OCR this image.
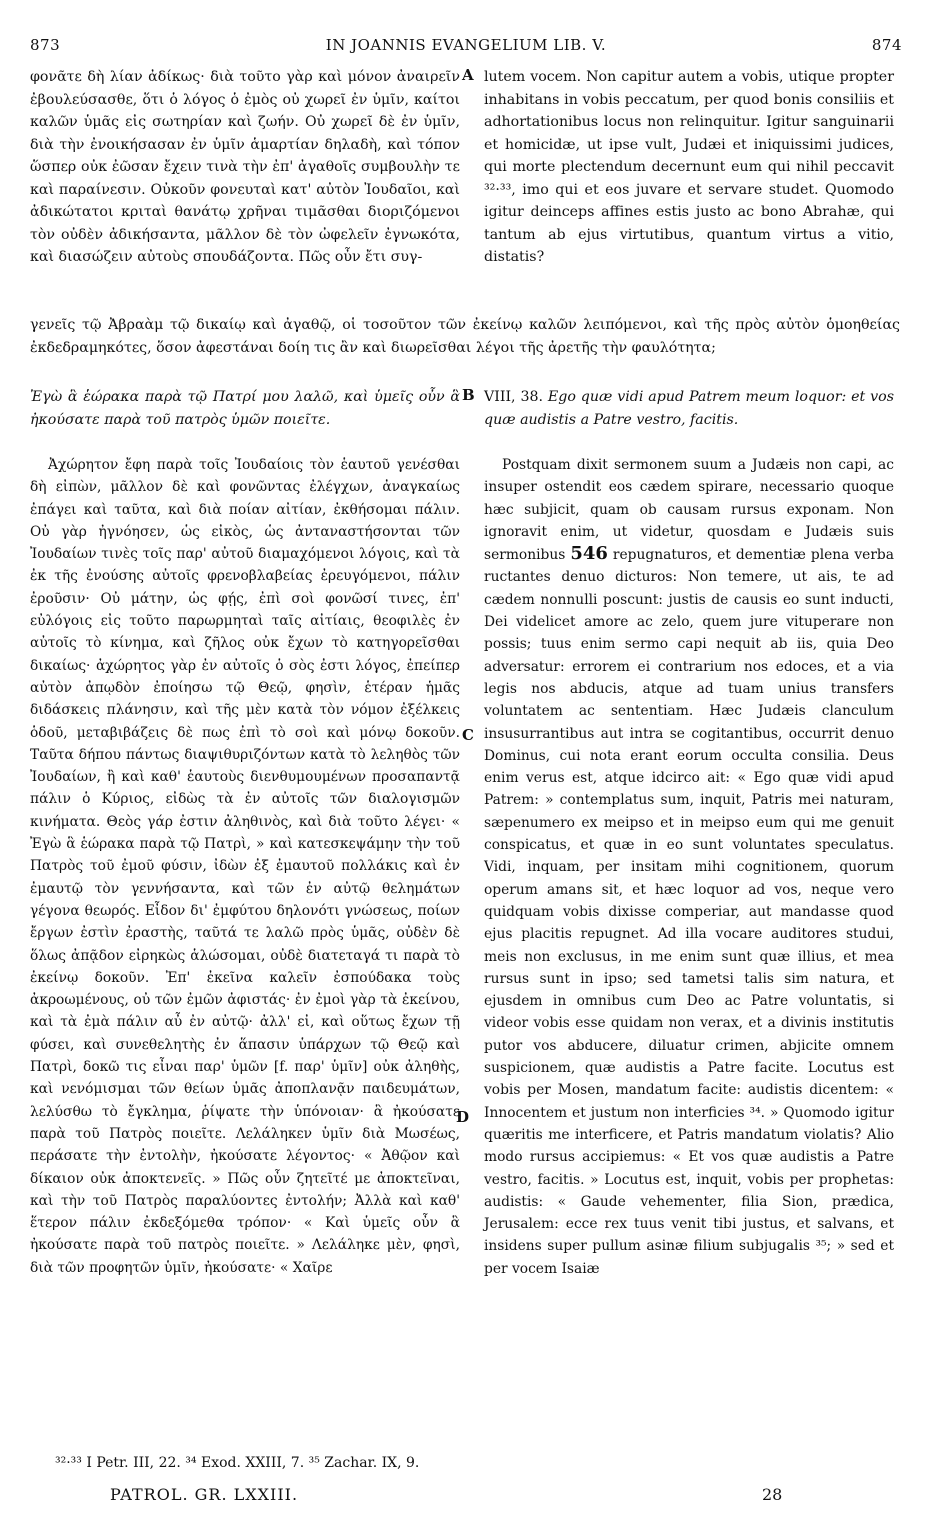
873	IN JOANNIS EVANGELIUM LIB. V.	874

φονᾶτε δὴ λίαν ἀδίκως· διὰ τοῦτο γὰρ καὶ μόνον ἀναιρεῖν ἐβουλεύσασθε, ὅτι ὁ λόγος ὁ ἐμὸς οὐ χωρεῖ ἐν ὑμῖν, καίτοι καλῶν ὑμᾶς εἰς σωτηρίαν καὶ ζωήν. Οὐ χωρεῖ δὲ ἐν ὑμῖν, διὰ τὴν ἐνοικήσασαν ἐν ὑμῖν ἁμαρτίαν δηλαδὴ, καὶ τόπον ὥσπερ οὐκ ἐῶσαν ἔχειν τινὰ τὴν ἐπ' ἀγαθοῖς συμβουλὴν τε καὶ παραίνεσιν. Οὐκοῦν φονευταὶ κατ' αὐτὸν Ἰουδαῖοι, καὶ ἀδικώτατοι κριταὶ θανάτῳ χρῆναι τιμᾶσθαι διοριζόμενοι τὸν οὐδὲν ἀδικήσαντα, μᾶλλον δὲ τὸν ὠφελεῖν ἐγνωκότα, καὶ διασώζειν αὐτοὺς σπουδάζοντα. Πῶς οὖν ἔτι συγ-

A lutem vocem. Non capitur autem a vobis, utique propter inhabitans in vobis peccatum, per quod bonis consiliis et adhortationibus locus non relinquitur. Igitur sanguinarii et homicidæ, ut ipse vult, Judæi et iniquissimi judices, qui morte plectendum decernunt eum qui nihil peccavit ³²·³³, imo qui et eos juvare et servare studet. Quomodo igitur deinceps affines estis justo ac bono Abrahæ, qui tantum ab ejus virtutibus, quantum virtus a vitio, distatis?

γενεῖς τῷ Ἀβραὰμ τῷ δικαίῳ καὶ ἀγαθῷ, οἱ τοσοῦτον τῶν ἐκείνῳ καλῶν λειπόμενοι, καὶ τῆς πρὸς αὐτὸν ὁμοηθείας ἐκδεδραμηκότες, ὅσον ἀφεστάναι δοίη τις ἂν καὶ διωρεῖσθαι λέγοι τῆς ἀρετῆς τὴν φαυλότητα;

Ἐγὼ ἃ ἑώρακα παρὰ τῷ Πατρί μου λαλῶ, καὶ ὑμεῖς οὖν ἃ ἠκούσατε παρὰ τοῦ πατρὸς ὑμῶν ποιεῖτε.

B VIII, 38. Ego quæ vidi apud Patrem meum loquor: et vos quæ audistis a Patre vestro, facitis.

Ἀχώρητον ἔφη παρὰ τοῖς Ἰουδαίοις τὸν ἑαυτοῦ γενέσθαι δὴ εἰπὼν, μᾶλλον δὲ καὶ φονῶντας ἐλέγχων, ἀναγκαίως ἐπάγει καὶ ταῦτα, καὶ διὰ ποίαν αἰτίαν, ἐκθήσομαι πάλιν. Οὐ γὰρ ἠγνόησεν, ὡς εἰκὸς, ὡς ἀνταναστήσονται τῶν Ἰουδαίων τινὲς τοῖς παρ' αὐτοῦ διαμαχόμενοι λόγοις, καὶ τὰ ἐκ τῆς ἐνούσης αὐτοῖς φρενοβλαβείας ἐρευγόμενοι, πάλιν ἐροῦσιν· Οὐ μάτην, ὡς φῄς, ἐπὶ σοὶ φονῶσί τινες, ἐπ' εὐλόγοις εἰς τοῦτο παρωρμηταὶ ταῖς αἰτίαις, θεοφιλὲς ἐν αὐτοῖς τὸ κίνημα, καὶ ζῆλος οὐκ ἔχων τὸ κατηγορεῖσθαι δικαίως· ἀχώρητος γὰρ ἐν αὐτοῖς ὁ σὸς ἐστι λόγος, ἐπείπερ αὐτὸν ἀπῳδὸν ἐποίησω τῷ Θεῷ, φησὶν, ἑτέραν ἡμᾶς διδάσκεις πλάνησιν, καὶ τῆς μὲν κατὰ τὸν νόμον ἐξέλκεις ὁδοῦ, μεταβιβάζεις δὲ πως ἐπὶ τὸ σοὶ καὶ μόνῳ δοκοῦν. Ταῦτα δήπου πάντως διαψιθυριζόντων κατὰ τὸ λεληθὸς τῶν Ἰουδαίων, ἢ καὶ καθ' ἑαυτοὺς διενθυμουμένων προσαπαντᾷ πάλιν ὁ Κύριος, εἰδὼς τὰ ἐν αὐτοῖς τῶν διαλογισμῶν κινήματα. Θεὸς γάρ ἐστιν ἀληθινὸς, καὶ διὰ τοῦτο λέγει· « Ἐγὼ ἃ ἑώρακα παρὰ τῷ Πατρὶ, » καὶ κατεσκεψάμην τὴν τοῦ Πατρὸς τοῦ ἐμοῦ φύσιν, ἰδὼν ἐξ ἐμαυτοῦ πολλάκις καὶ ἐν ἐμαυτῷ τὸν γεννήσαντα, καὶ τῶν ἐν αὐτῷ θελημάτων γέγονα θεωρός. Εἶδον δι' ἐμφύτου δηλονότι γνώσεως, ποίων ἔργων ἐστὶν ἐραστὴς, ταῦτά τε λαλῶ πρὸς ὑμᾶς, οὐδὲν δὲ ὅλως ἀπᾷδον εἰρηκὼς ἁλώσομαι, οὐδὲ διατεταγά τι παρὰ τὸ ἐκείνῳ δοκοῦν. Ἐπ' ἐκεῖνα καλεῖν ἐσπούδακα τοὺς ἀκροωμένους, οὐ τῶν ἐμῶν ἀφιστάς· ἐν ἐμοὶ γὰρ τὰ ἐκείνου, καὶ τὰ ἐμὰ πάλιν αὖ ἐν αὐτῷ· ἀλλ' εἰ, καὶ οὕτως ἔχων τῇ φύσει, καὶ συνεθελητὴς ἐν ἅπασιν ὑπάρχων τῷ Θεῷ καὶ Πατρὶ, δοκῶ τις εἶναι παρ' ὑμῶν [f. παρ' ὑμῖν] οὐκ ἀληθὴς, καὶ νενόμισμαι τῶν θείων ὑμᾶς ἀποπλανᾷν παιδευμάτων, λελύσθω τὸ ἔγκλημα, ῥίψατε τὴν ὑπόνοιαν· ἃ ἠκούσατε παρὰ τοῦ Πατρὸς ποιεῖτε. Λελάληκεν ὑμῖν διὰ Μωσέως, περάσατε τὴν ἐντολὴν, ἠκούσατε λέγοντος· « Ἀθῷον καὶ δίκαιον οὐκ ἀποκτενεῖς. » Πῶς οὖν ζητεῖτέ με ἀποκτεῖναι, καὶ τὴν τοῦ Πατρὸς παραλύοντες ἐντολήν; Ἀλλὰ καὶ καθ' ἕτερον πάλιν ἐκδεξόμεθα τρόπον· « Καὶ ὑμεῖς οὖν ἃ ἠκούσατε παρὰ τοῦ πατρὸς ποιεῖτε. » Λελάληκε μὲν, φησὶ, διὰ τῶν προφητῶν ὑμῖν, ἠκούσατε· « Χαῖρε

C
D

Postquam dixit sermonem suum a Judæis non capi, ac insuper ostendit eos cædem spirare, necessario quoque hæc subjicit, quam ob causam rursus exponam. Non ignoravit enim, ut videtur, quosdam e Judæis suis sermonibus 546 repugnaturos, et dementiæ plena verba ructantes denuo dicturos: Non temere, ut ais, te ad cædem nonnulli poscunt: justis de causis eo sunt inducti, Dei videlicet amore ac zelo, quem jure vituperare non possis; tuus enim sermo capi nequit ab iis, quia Deo adversatur: errorem ei contrarium nos edoces, et a via legis nos abducis, atque ad tuam unius transfers voluntatem ac sententiam. Hæc Judæis clanculum insusurrantibus aut intra se cogitantibus, occurrit denuo Dominus, cui nota erant eorum occulta consilia. Deus enim verus est, atque idcirco ait: « Ego quæ vidi apud Patrem: » contemplatus sum, inquit, Patris mei naturam, sæpenumero ex meipso et in meipso eum qui me genuit conspicatus, et quæ in eo sunt voluntates speculatus. Vidi, inquam, per insitam mihi cognitionem, quorum operum amans sit, et hæc loquor ad vos, neque vero quidquam vobis dixisse comperiar, aut mandasse quod ejus placitis repugnet. Ad illa vocare auditores studui, meis non exclusus, in me enim sunt quæ illius, et mea rursus sunt in ipso; sed tametsi talis sim natura, et ejusdem in omnibus cum Deo ac Patre voluntatis, si videor vobis esse quidam non verax, et a divinis institutis putor vos abducere, diluatur crimen, abjicite omnem suspicionem, quæ audistis a Patre facite. Locutus est vobis per Mosen, mandatum facite: audistis dicentem: « Innocentem et justum non interficies ³⁴. » Quomodo igitur quæritis me interficere, et Patris mandatum violatis? Alio modo rursus accipiemus: « Et vos quæ audistis a Patre vestro, facitis. » Locutus est, inquit, vobis per prophetas: audistis: « Gaude vehementer, filia Sion, prædica, Jerusalem: ecce rex tuus venit tibi justus, et salvans, et insidens super pullum asinæ filium subjugalis ³⁵; » sed et per vocem Isaiæ

³²·³³ I Petr. III, 22. ³⁴ Exod. XXIII, 7. ³⁵ Zachar. IX, 9.
PATROL. GR. LXXIII.	28
